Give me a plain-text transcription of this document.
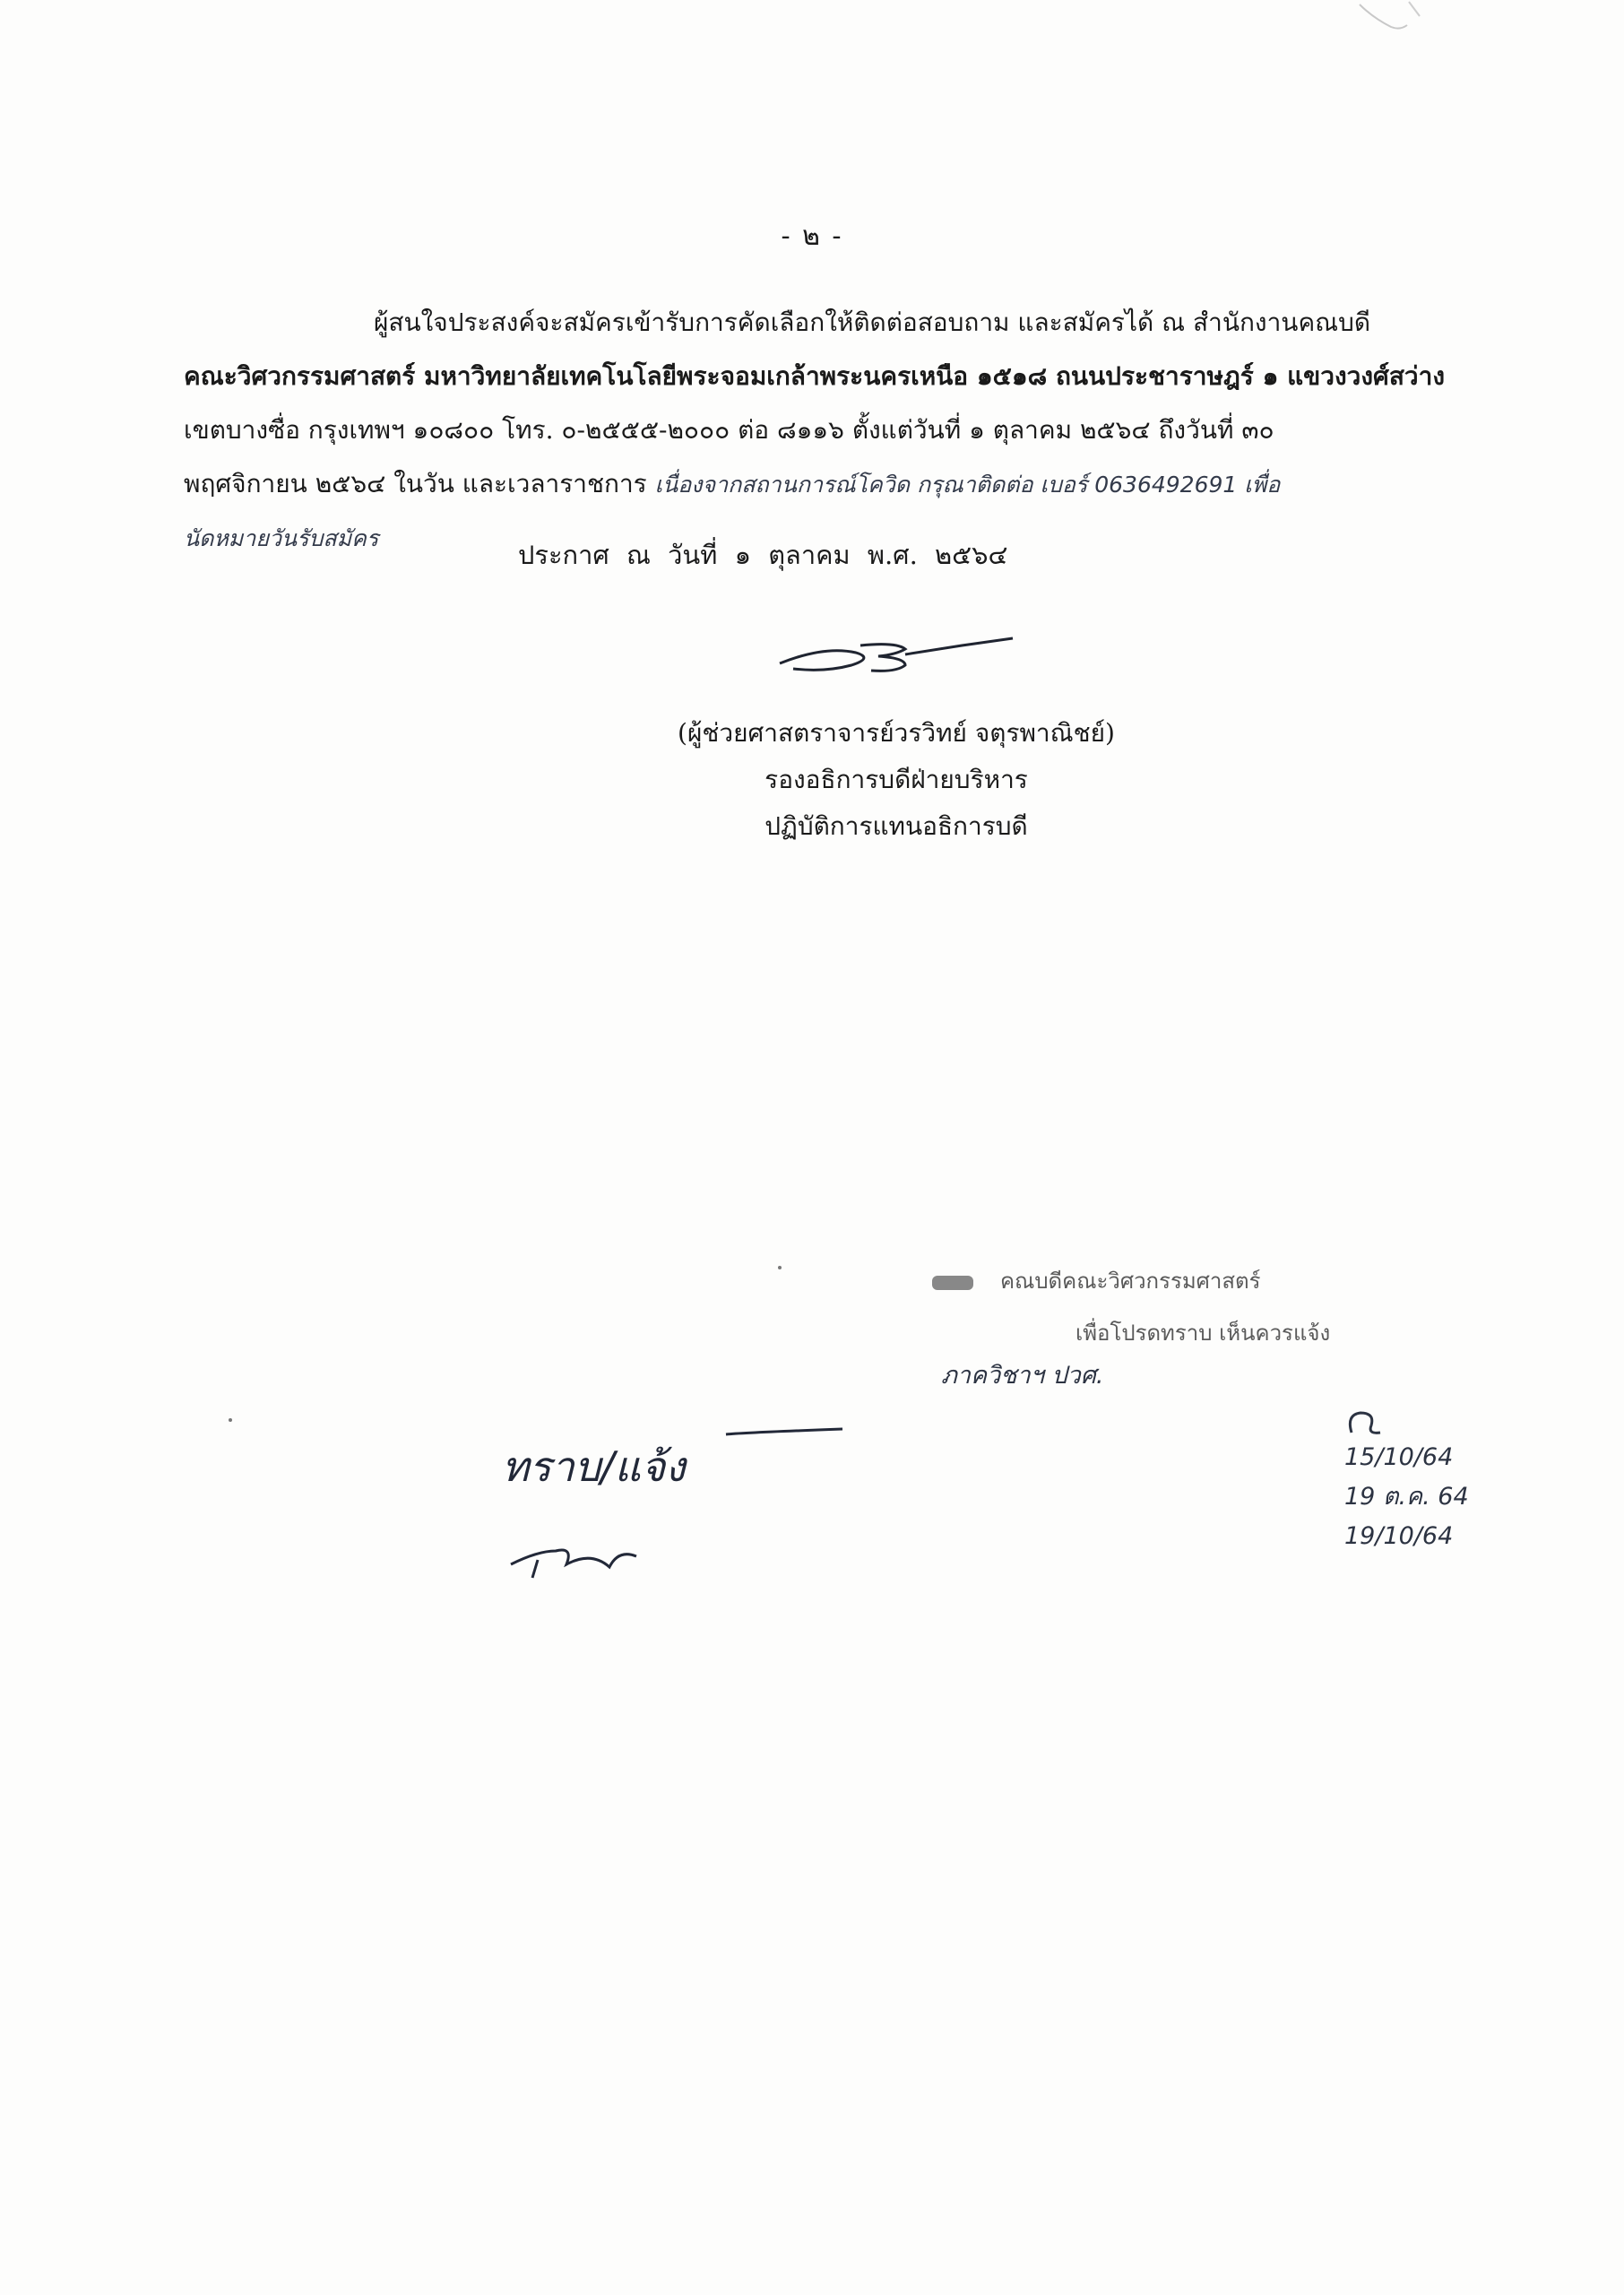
- ๒ -
ผู้สนใจประสงค์จะสมัครเข้ารับการคัดเลือกให้ติดต่อสอบถาม และสมัครได้ ณ สำนักงานคณบดี
คณะวิศวกรรมศาสตร์ มหาวิทยาลัยเทคโนโลยีพระจอมเกล้าพระนครเหนือ ๑๕๑๘ ถนนประชาราษฎร์ ๑ แขวงวงศ์สว่าง
เขตบางซื่อ กรุงเทพฯ ๑๐๘๐๐ โทร. ๐-๒๕๕๕-๒๐๐๐ ต่อ ๘๑๑๖ ตั้งแต่วันที่ ๑ ตุลาคม ๒๕๖๔ ถึงวันที่ ๓๐
พฤศจิกายน ๒๕๖๔ ในวัน และเวลาราชการ เนื่องจากสถานการณ์โควิด กรุณาติดต่อ เบอร์ 0636492691 เพื่อ
นัดหมายวันรับสมัคร
ประกาศ ณ วันที่ ๑ ตุลาคม พ.ศ. ๒๕๖๔
(ผู้ช่วยศาสตราจารย์วรวิทย์ จตุรพาณิชย์)
รองอธิการบดีฝ่ายบริหาร
ปฏิบัติการแทนอธิการบดี
คณบดีคณะวิศวกรรมศาสตร์
เพื่อโปรดทราบ เห็นควรแจ้ง
ภาควิชาฯ ปวศ.
ทราบ/แจ้ง	15/10/64
19 ต.ค. 64
19/10/64
